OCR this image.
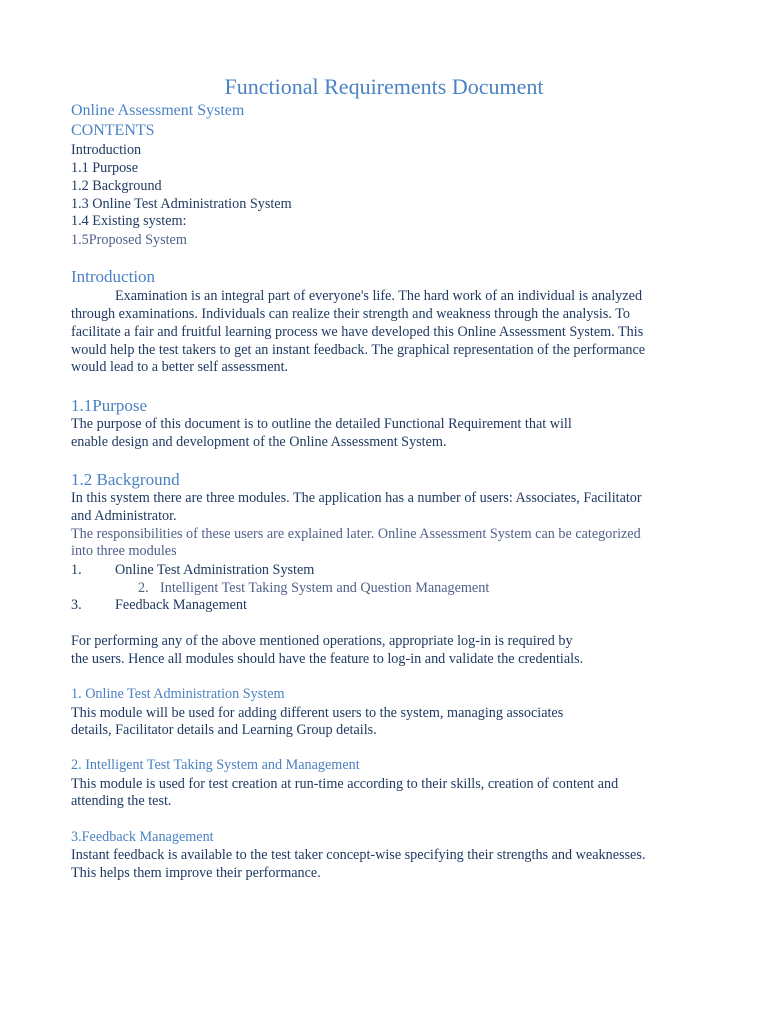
Functional Requirements Document
Online Assessment System
CONTENTS
Introduction
1.1 Purpose
1.2 Background
1.3 Online Test Administration System
1.4 Existing system:
1.5Proposed System
Introduction
Examination is an integral part of everyone's life. The hard work of an individual is analyzed
through examinations. Individuals can realize their strength and weakness through the analysis. To
facilitate a fair and fruitful learning process we have developed this Online Assessment System. This
would help the test takers to get an instant feedback. The graphical representation of the performance
would lead to a better self assessment.
1.1Purpose
The purpose of this document is to outline the detailed Functional Requirement that will
enable design and development of the Online Assessment System.
1.2 Background
In this system there are three modules. The application has a number of users: Associates, Facilitator
and Administrator.
The responsibilities of these users are explained later. Online Assessment System can be categorized
into three modules
1. Online Test Administration System
2. Intelligent Test Taking System and Question Management
3. Feedback Management
For performing any of the above mentioned operations, appropriate log-in is required by
the users. Hence all modules should have the feature to log-in and validate the credentials.
1. Online Test Administration System
This module will be used for adding different users to the system, managing associates
details, Facilitator details and Learning Group details.
2. Intelligent Test Taking System and Management
This module is used for test creation at run-time according to their skills, creation of content and
attending the test.
3.Feedback Management
Instant feedback is available to the test taker concept-wise specifying their strengths and weaknesses.
This helps them improve their performance.
